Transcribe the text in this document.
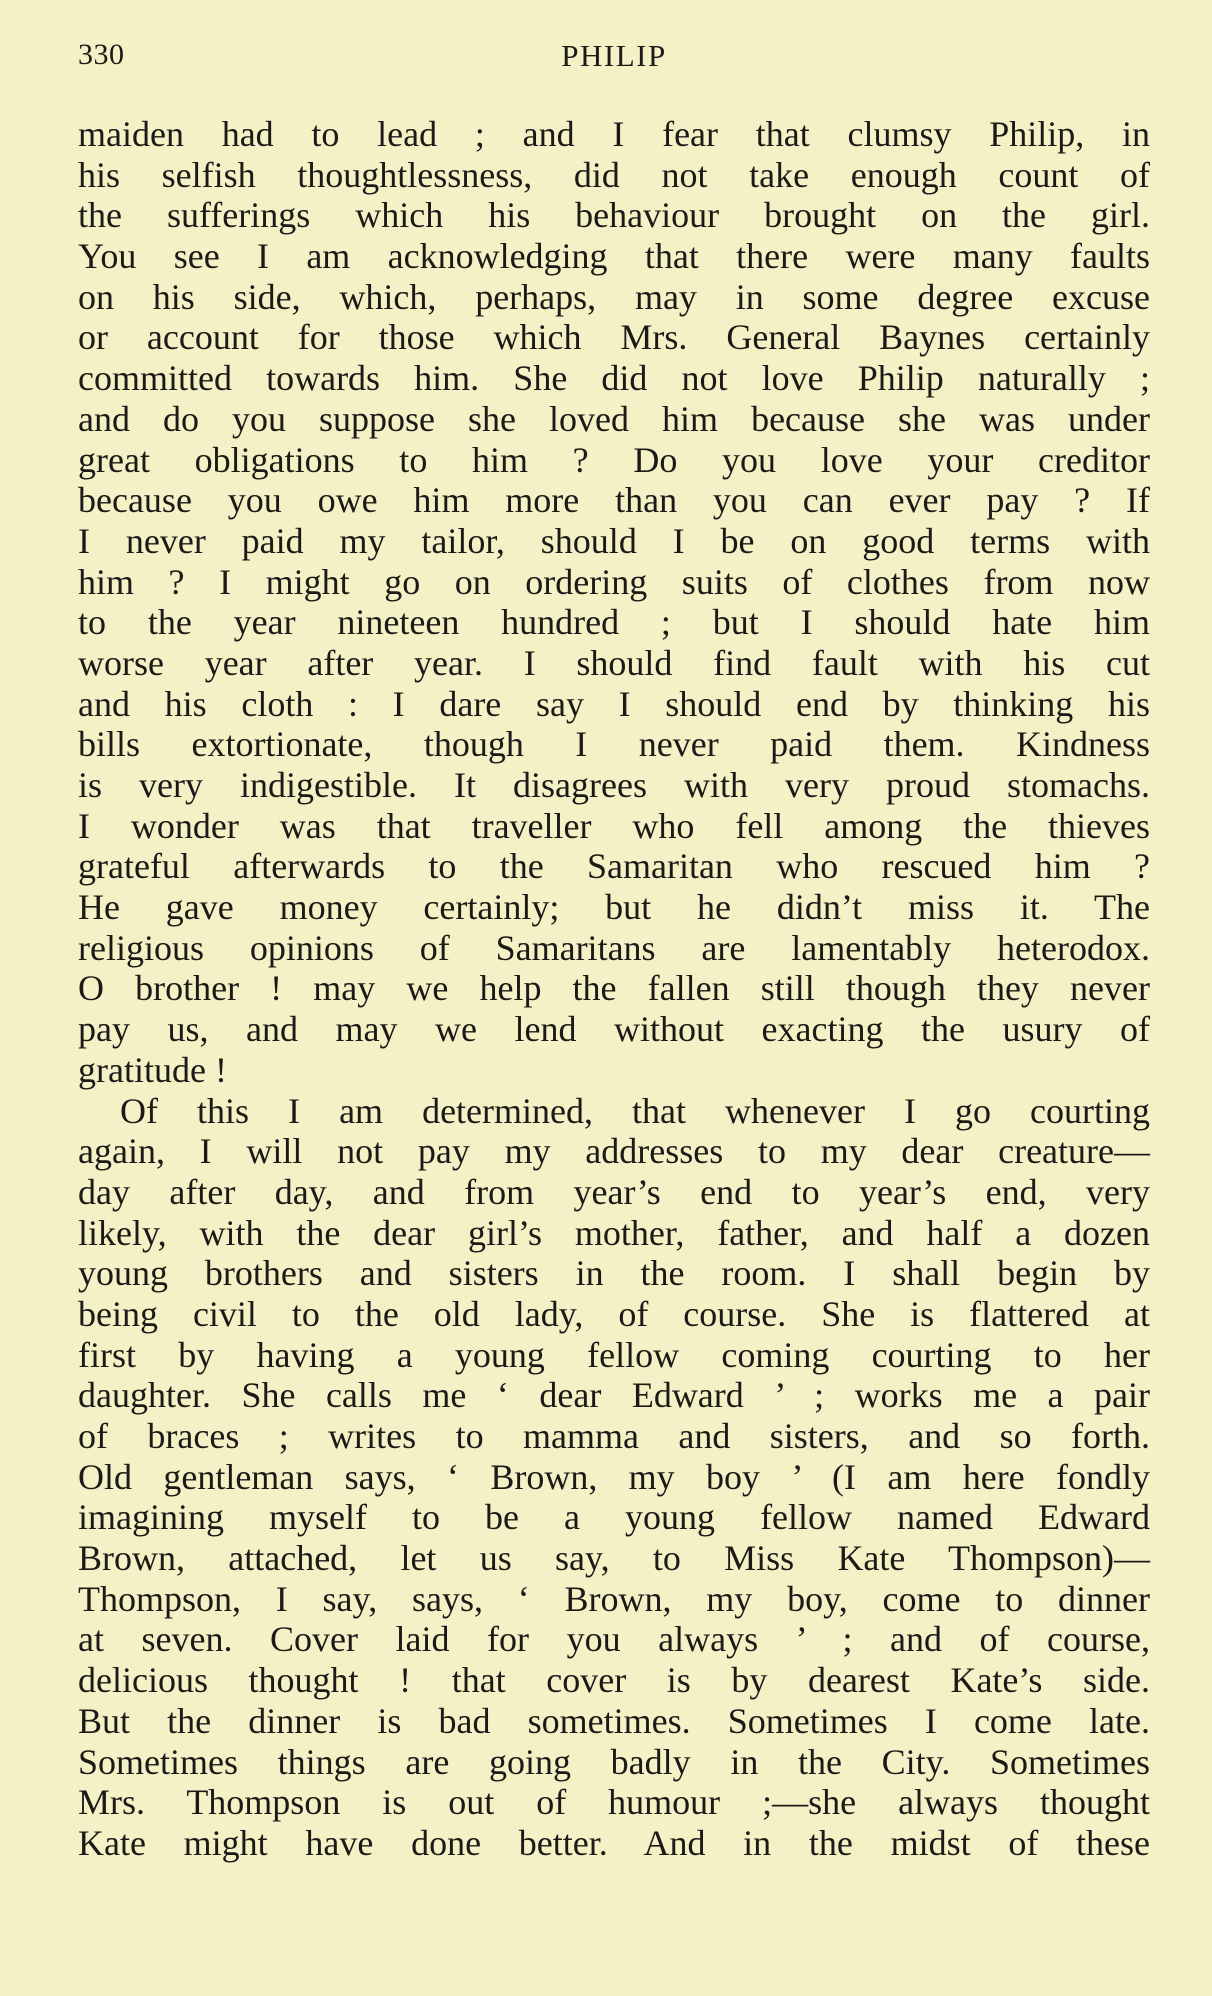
330	PHILIP
maiden had to lead ; and I fear that clumsy Philip, in
his selfish thoughtlessness, did not take enough count of
the sufferings which his behaviour brought on the girl.
You see I am acknowledging that there were many faults
on his side, which, perhaps, may in some degree excuse
or account for those which Mrs. General Baynes certainly
committed towards him. She did not love Philip naturally ;
and do you suppose she loved him because she was under
great obligations to him ? Do you love your creditor
because you owe him more than you can ever pay ? If
I never paid my tailor, should I be on good terms with
him ? I might go on ordering suits of clothes from now
to the year nineteen hundred ; but I should hate him
worse year after year. I should find fault with his cut
and his cloth : I dare say I should end by thinking his
bills extortionate, though I never paid them. Kindness
is very indigestible. It disagrees with very proud stomachs.
I wonder was that traveller who fell among the thieves
grateful afterwards to the Samaritan who rescued him ?
He gave money certainly; but he didn’t miss it. The
religious opinions of Samaritans are lamentably heterodox.
O brother ! may we help the fallen still though they never
pay us, and may we lend without exacting the usury of
gratitude !
Of this I am determined, that whenever I go courting
again, I will not pay my addresses to my dear creature—
day after day, and from year’s end to year’s end, very
likely, with the dear girl’s mother, father, and half a dozen
young brothers and sisters in the room. I shall begin by
being civil to the old lady, of course. She is flattered at
first by having a young fellow coming courting to her
daughter. She calls me ‘ dear Edward ’ ; works me a pair
of braces ; writes to mamma and sisters, and so forth.
Old gentleman says, ‘ Brown, my boy ’ (I am here fondly
imagining myself to be a young fellow named Edward
Brown, attached, let us say, to Miss Kate Thompson)—
Thompson, I say, says, ‘ Brown, my boy, come to dinner
at seven. Cover laid for you always ’ ; and of course,
delicious thought ! that cover is by dearest Kate’s side.
But the dinner is bad sometimes. Sometimes I come late.
Sometimes things are going badly in the City. Sometimes
Mrs. Thompson is out of humour ;—she always thought
Kate might have done better. And in the midst of these
